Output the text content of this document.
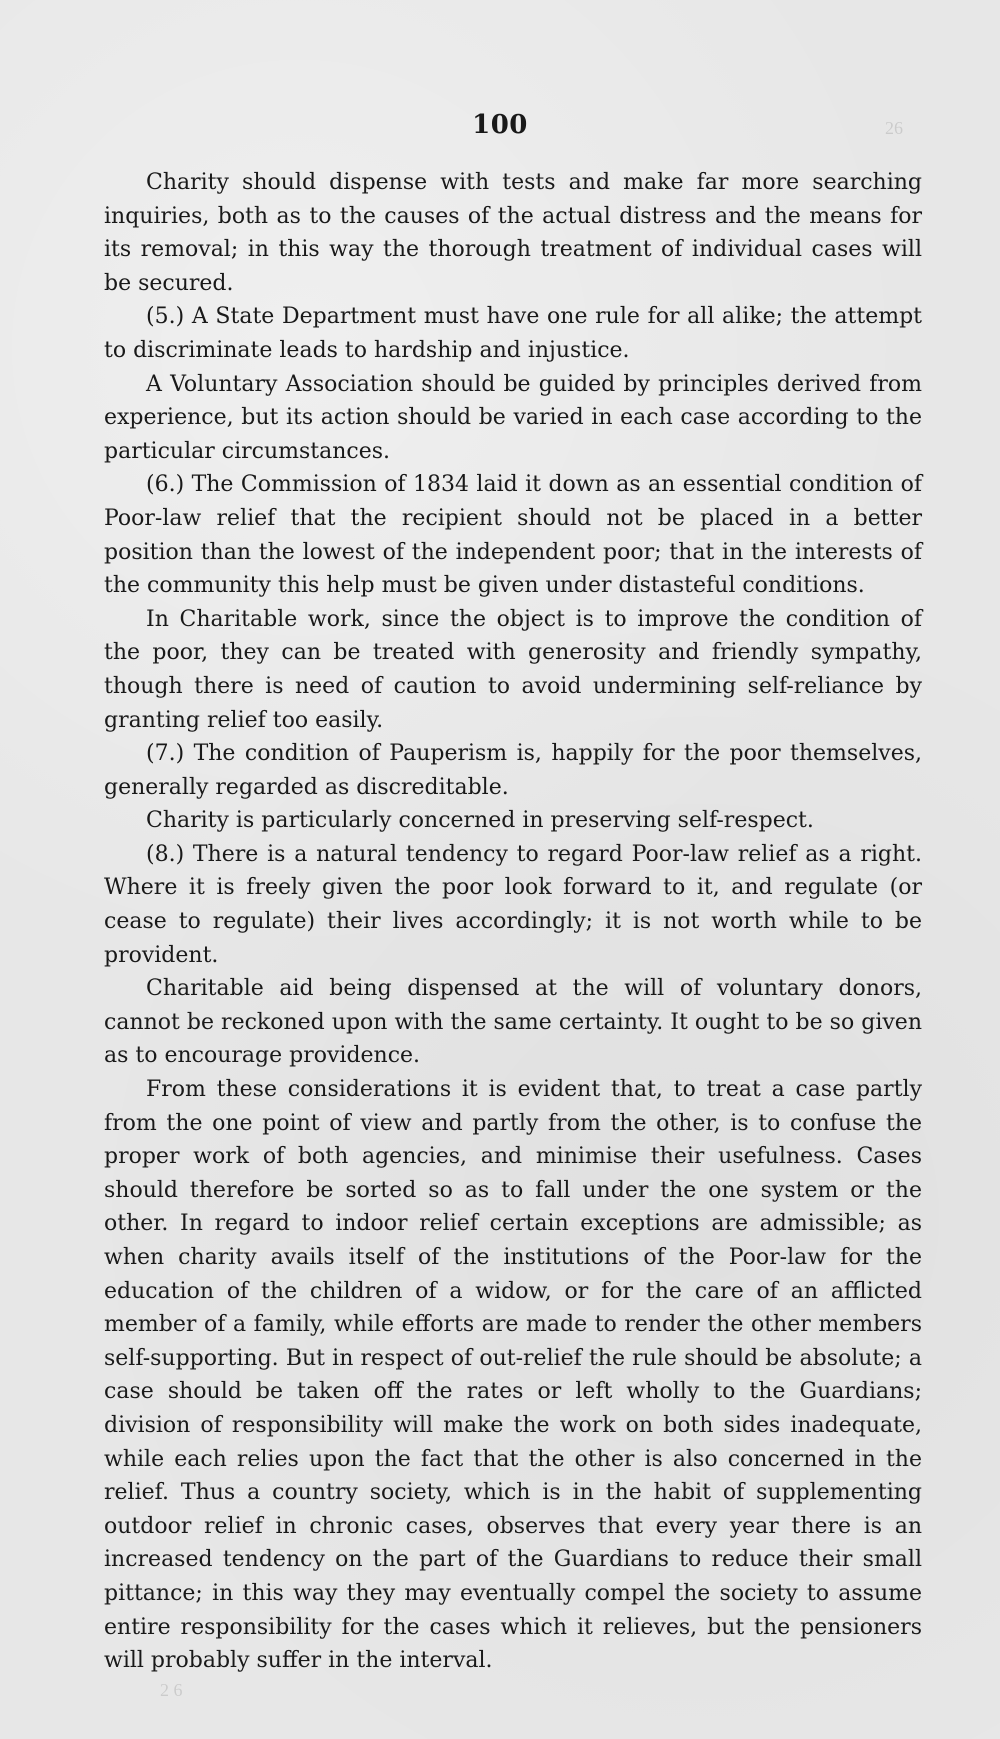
26
2 6
100

Charity should dispense with tests and make far more searching inquiries, both as to the causes of the actual distress and the means for its removal; in this way the thorough treatment of individual cases will be secured.

(5.) A State Department must have one rule for all alike; the attempt to discriminate leads to hardship and injustice.

A Voluntary Association should be guided by principles derived from experience, but its action should be varied in each case according to the particular circumstances.

(6.) The Commission of 1834 laid it down as an essential condition of Poor-law relief that the recipient should not be placed in a better position than the lowest of the independent poor; that in the interests of the community this help must be given under distasteful conditions.

In Charitable work, since the object is to improve the condition of the poor, they can be treated with generosity and friendly sympathy, though there is need of caution to avoid undermining self-reliance by granting relief too easily.

(7.) The condition of Pauperism is, happily for the poor themselves, generally regarded as discreditable.

Charity is particularly concerned in preserving self-respect.

(8.) There is a natural tendency to regard Poor-law relief as a right. Where it is freely given the poor look forward to it, and regulate (or cease to regulate) their lives accordingly; it is not worth while to be provident.

Charitable aid being dispensed at the will of voluntary donors, cannot be reckoned upon with the same certainty. It ought to be so given as to encourage providence.

From these considerations it is evident that, to treat a case partly from the one point of view and partly from the other, is to confuse the proper work of both agencies, and minimise their usefulness. Cases should therefore be sorted so as to fall under the one system or the other. In regard to indoor relief certain exceptions are admissible; as when charity avails itself of the institutions of the Poor-law for the education of the children of a widow, or for the care of an afflicted member of a family, while efforts are made to render the other members self-supporting. But in respect of out-relief the rule should be absolute; a case should be taken off the rates or left wholly to the Guardians; division of responsibility will make the work on both sides inadequate, while each relies upon the fact that the other is also concerned in the relief. Thus a country society, which is in the habit of supplementing outdoor relief in chronic cases, observes that every year there is an increased tendency on the part of the Guardians to reduce their small pittance; in this way they may eventually compel the society to assume entire responsibility for the cases which it relieves, but the pensioners will probably suffer in the interval.
